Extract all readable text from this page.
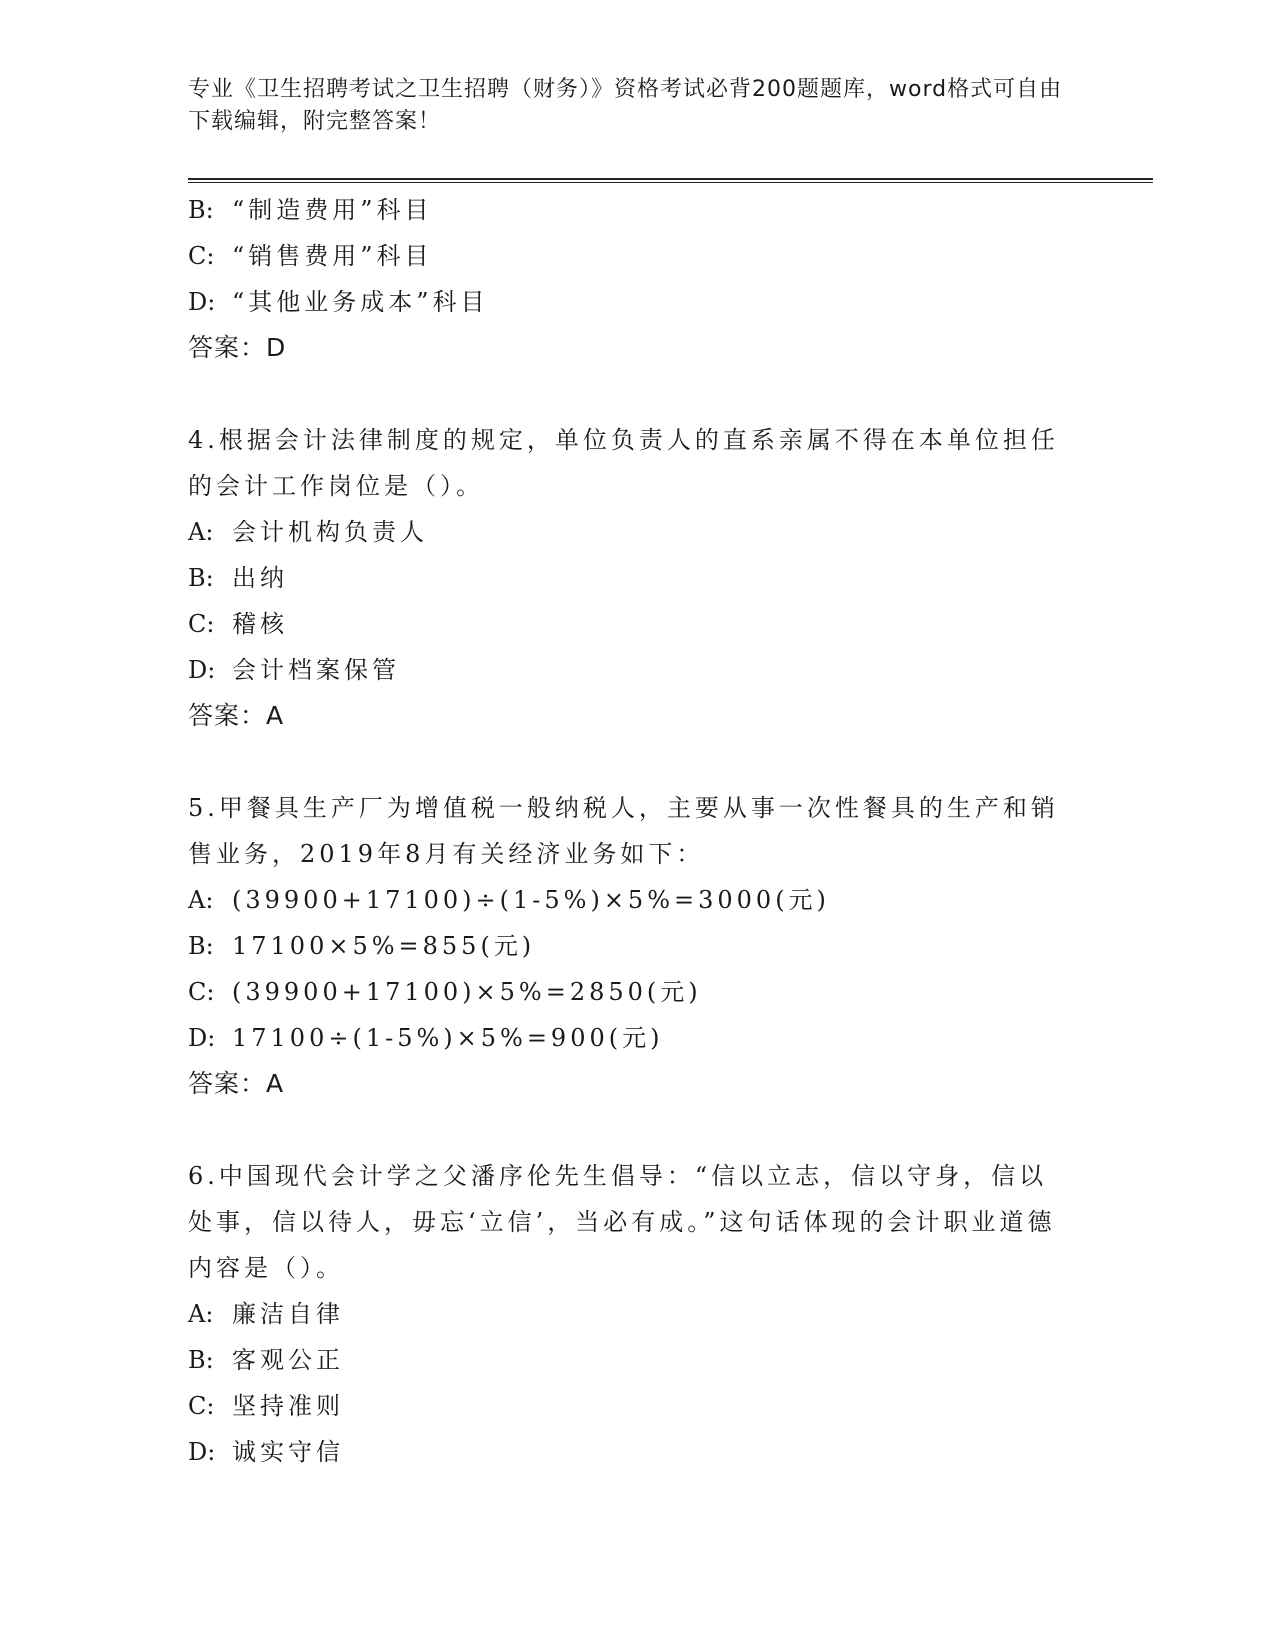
专业《卫生招聘考试之卫生招聘（财务）》资格考试必背200题题库，word格式可自由下载编辑，附完整答案！
B: “制造费用”科目
C: “销售费用”科目
D: “其他业务成本”科目
答案：D
4.根据会计法律制度的规定，单位负责人的直系亲属不得在本单位担任的会计工作岗位是（）。
A: 会计机构负责人
B: 出纳
C: 稽核
D: 会计档案保管
答案：A
5.甲餐具生产厂为增值税一般纳税人，主要从事一次性餐具的生产和销售业务，2019年8月有关经济业务如下：
A: (39900+17100)÷(1-5%)×5%=3000(元)
B: 17100×5%=855(元)
C: (39900+17100)×5%=2850(元)
D: 17100÷(1-5%)×5%=900(元)
答案：A
6.中国现代会计学之父潘序伦先生倡导：“信以立志，信以守身，信以处事，信以待人，毋忘‘立信’，当必有成。”这句话体现的会计职业道德内容是（）。
A: 廉洁自律
B: 客观公正
C: 坚持准则
D: 诚实守信
